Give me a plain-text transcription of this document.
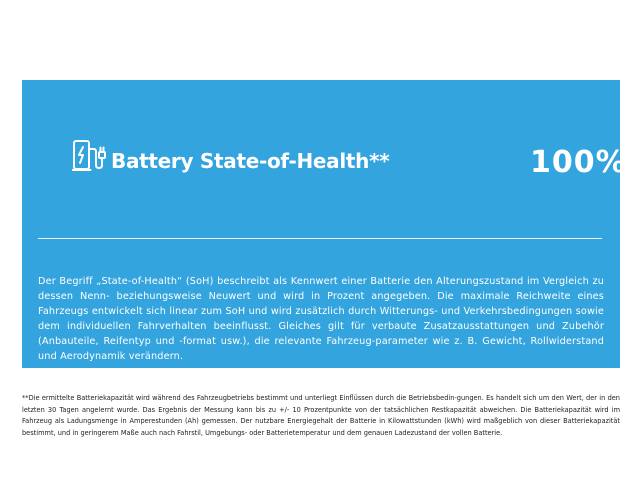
Battery State-of-Health**	100%
Der Begriff „State-of-Health“ (SoH) beschreibt als Kennwert einer Batterie den Alterungszustand im Vergleich zu dessen Nenn- beziehungsweise Neuwert und wird in Prozent angegeben. Die maximale Reichweite eines Fahrzeugs entwickelt sich linear zum SoH und wird zusätzlich durch Witterungs- und Verkehrsbedingungen sowie dem individuellen Fahrverhalten beeinflusst. Gleiches gilt für verbaute Zusatzausstattungen und Zubehör (Anbauteile, Reifentyp und -format usw.), die relevante Fahrzeug-parameter wie z. B. Gewicht, Rollwiderstand und Aerodynamik verändern.
**Die ermittelte Batteriekapazität wird während des Fahrzeugbetriebs bestimmt und unterliegt Einflüssen durch die Betriebsbedin-gungen. Es handelt sich um den Wert, der in den letzten 30 Tagen angelernt wurde. Das Ergebnis der Messung kann bis zu +/- 10 Prozentpunkte von der tatsächlichen Restkapazität abweichen. Die Batteriekapazität wird im Fahrzeug als Ladungsmenge in Amperestunden (Ah) gemessen. Der nutzbare Energiegehalt der Batterie in Kilowattstunden (kWh) wird maßgeblich von dieser Batteriekapazität bestimmt, und in geringerem Maße auch nach Fahrstil, Umgebungs- oder Batterietemperatur und dem genauen Ladezustand der vollen Batterie.
